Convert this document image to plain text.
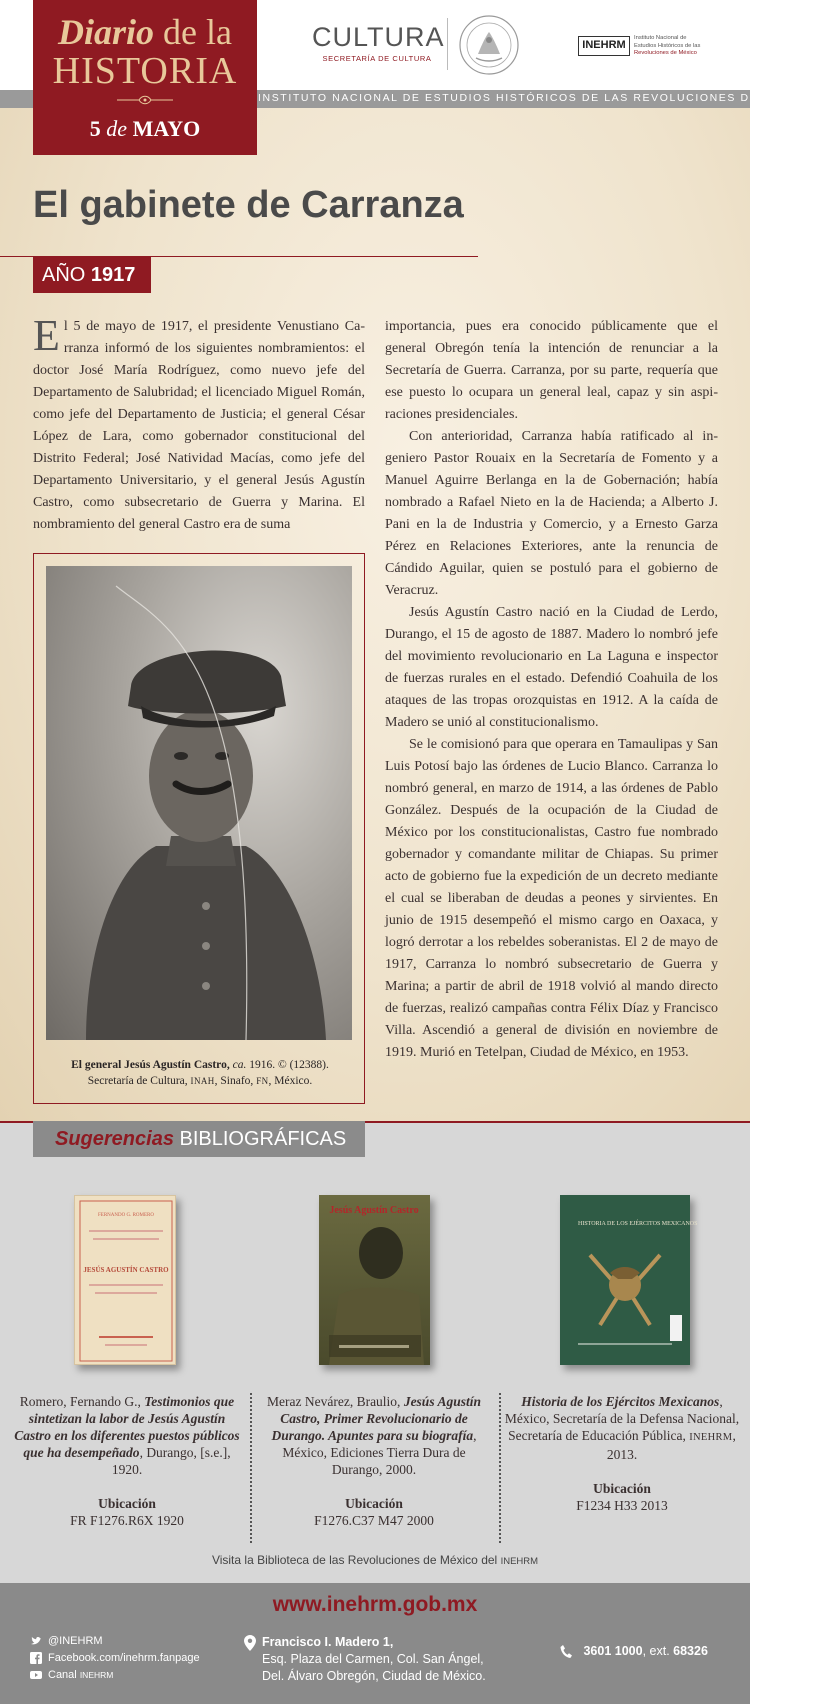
INSTITUTO NACIONAL DE ESTUDIOS HISTÓRICOS DE LAS REVOLUCIONES DE MÉXICO
Diario de la
HISTORIA
5 de MAYO
CULTURA
SECRETARÍA DE CULTURA
INEHRM
Instituto Nacional de
Estudios Históricos de las
Revoluciones de México
El gabinete de Carranza
AÑO 1917

El 5 de mayo de 1917, el presidente Venustiano Carranza informó de los siguientes nombramientos: el doctor José María Rodríguez, como nuevo jefe del Departamento de Salubridad; el licenciado Miguel Román, como jefe del Departamento de Justicia; el general César López de Lara, como gobernador constitucional del Distrito Federal; José Natividad Macías, como jefe del Departamento Universitario, y el general Jesús Agustín Castro, como subsecretario de Guerra y Marina. El nombramiento del general Castro era de suma

El general Jesús Agustín Castro, ca. 1916. © (12388).
Secretaría de Cultura, INAH, Sinafo, FN, México.

importancia, pues era conocido públicamente que el general Obregón tenía la intención de renunciar a la Secretaría de Guerra. Carranza, por su parte, requería que ese puesto lo ocupara un general leal, capaz y sin aspiraciones presidenciales.

Con anterioridad, Carranza había ratificado al ingeniero Pastor Rouaix en la Secretaría de Fomento y a Manuel Aguirre Berlanga en la de Gobernación; había nombrado a Rafael Nieto en la de Hacienda; a Alberto J. Pani en la de Industria y Comercio, y a Ernesto Garza Pérez en Relaciones Exteriores, ante la renuncia de Cándido Aguilar, quien se postuló para el gobierno de Veracruz.

Jesús Agustín Castro nació en la Ciudad de Lerdo, Durango, el 15 de agosto de 1887. Madero lo nombró jefe del movimiento revolucionario en La Laguna e inspector de fuerzas rurales en el estado. Defendió Coahuila de los ataques de las tropas orozquistas en 1912. A la caída de Madero se unió al constitucionalismo.

Se le comisionó para que operara en Tamaulipas y San Luis Potosí bajo las órdenes de Lucio Blanco. Carranza lo nombró general, en marzo de 1914, a las órdenes de Pablo González. Después de la ocupación de la Ciudad de México por los constitucionalistas, Castro fue nombrado gobernador y comandante militar de Chiapas. Su primer acto de gobierno fue la expedición de un decreto mediante el cual se liberaban de deudas a peones y sirvientes. En junio de 1915 desempeñó el mismo cargo en Oaxaca, y logró derrotar a los rebeldes soberanistas. El 2 de mayo de 1917, Carranza lo nombró subsecretario de Guerra y Marina; a partir de abril de 1918 volvió al mando directo de fuerzas, realizó campañas contra Félix Díaz y Francisco Villa. Ascendió a general de división en noviembre de 1919. Murió en Tetelpan, Ciudad de México, en 1953.

Sugerencias BIBLIOGRÁFICAS
FERNANDO G. ROMERO
JESÚS AGUSTÍN CASTRO
Jesús Agustín Castro
HISTORIA DE LOS EJÉRCITOS MEXICANOS
Romero, Fernando G., Testimonios que sintetizan la labor de Jesús Agustín Castro en los diferentes puestos públicos que ha desempeñado, Durango, [s.e.], 1920.
Ubicación
FR F1276.R6X 1920
Meraz Nevárez, Braulio, Jesús Agustín Castro, Primer Revolucionario de Durango. Apuntes para su biografía, México, Ediciones Tierra Dura de Durango, 2000.
Ubicación
F1276.C37 M47 2000
Historia de los Ejércitos Mexicanos, México, Secretaría de la Defensa Nacional, Secretaría de Educación Pública, INEHRM, 2013.
Ubicación
F1234 H33 2013
Visita la Biblioteca de las Revoluciones de México del INEHRM
www.inehrm.gob.mx
@INEHRM
Facebook.com/inehrm.fanpage
Canal
INEHRM
Francisco I. Madero 1,
Esq. Plaza del Carmen, Col. San Ángel,
Del. Álvaro Obregón, Ciudad de México.
3601 1000, ext. 68326
